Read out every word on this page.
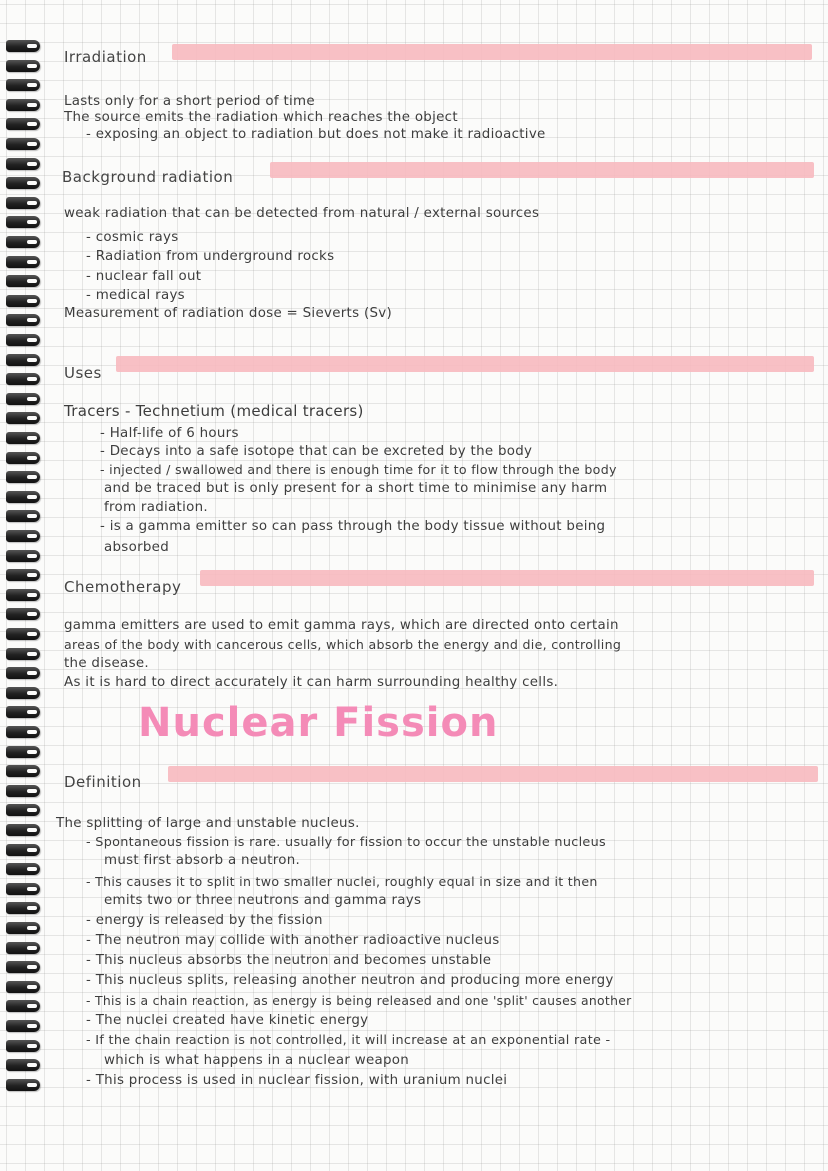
Irradiation
Lasts only for a short period of time
The source emits the radiation which reaches the object
- exposing an object to radiation but does not make it radioactive
Background radiation
weak radiation that can be detected from natural / external sources
- cosmic rays
- Radiation from underground rocks
- nuclear fall out
- medical rays
Measurement of radiation dose = Sieverts (Sv)
Uses
Tracers - Technetium (medical tracers)
- Half-life of 6 hours
- Decays into a safe isotope that can be excreted by the body
- injected / swallowed and there is enough time for it to flow through the body
and be traced but is only present for a short time to minimise any harm
from radiation.
- is a gamma emitter so can pass through the body tissue without being
absorbed
Chemotherapy
gamma emitters are used to emit gamma rays, which are directed onto certain
areas of the body with cancerous cells, which absorb the energy and die, controlling
the disease.
As it is hard to direct accurately it can harm surrounding healthy cells.
Nuclear Fission
Definition
The splitting of large and unstable nucleus.
- Spontaneous fission is rare. usually for fission to occur the unstable nucleus
must first absorb a neutron.
- This causes it to split in two smaller nuclei, roughly equal in size and it then
emits two or three neutrons and gamma rays
- energy is released by the fission
- The neutron may collide with another radioactive nucleus
- This nucleus absorbs the neutron and becomes unstable
- This nucleus splits, releasing another neutron and producing more energy
- This is a chain reaction, as energy is being released and one 'split' causes another
- The nuclei created have kinetic energy
- If the chain reaction is not controlled, it will increase at an exponential rate -
which is what happens in a nuclear weapon
- This process is used in nuclear fission, with uranium nuclei
